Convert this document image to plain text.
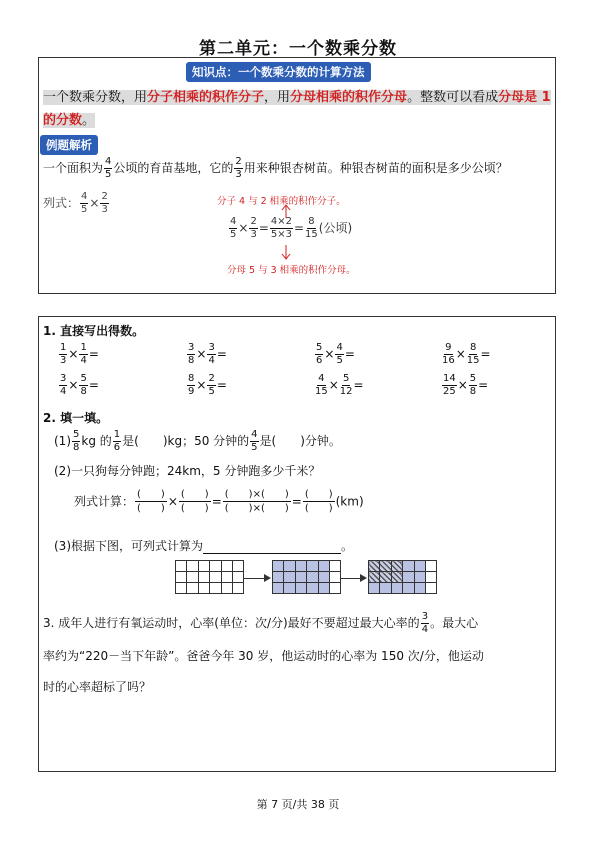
第二单元：一个数乘分数
知识点：一个数乘分数的计算方法
一个数乘分数，用分子相乘的积作分子，用分母相乘的积作分母。整数可以看成分母是 1 的分数。
例题解析
一个面积为 $\frac{4}{5}$ 公顷的育苗基地，它的 $\frac{2}{3}$ 用来种银杏树苗。种银杏树苗的面积是多少公顷？
列式： $\frac{4}{5} \times \frac{2}{3}$	分子 4 与 2 相乘的积作分子。
$\frac{4}{5} \times \frac{2}{3} = \frac{4\times 2}{5\times 3} = \frac{8}{15}$ (公顷)
分母 5 与 3 相乘的积作分母。
1. 直接写出得数。
$\frac{1}{3} \times \frac{1}{4}$ =	$\frac{3}{8} \times \frac{3}{4}$ =	$\frac{5}{6} \times \frac{4}{5}$ =	$\frac{9}{16} \times \frac{8}{15}$ =
$\frac{3}{4} \times \frac{5}{8}$ =	$\frac{8}{9} \times \frac{2}{5}$ =	$\frac{4}{15} \times \frac{5}{12}$ =	$\frac{14}{25} \times \frac{5}{8}$ =
2. 填一填。
$(1) \frac{5}{8}$ kg 的 $\frac{1}{6}$ 是(　　)kg；50 分钟的 $\frac{4}{5}$ 是(　　)分钟。
(2)一只狗每分钟跑；24km，5 分钟跑多少千米？
列式计算： (　　)
(　　) × (　　)
(　　) = (　　)×(　　)
(　　)×(　　) = (　　)
(　　) (km)
(3)根据下图，可列式计算为	。

3. 成年人进行有氧运动时，心率(单位：次/分)最好不要超过最大心率的 $\frac{3}{4}$ 。最大心
率约为“220－当下年龄”。爸爸今年 30 岁，他运动时的心率为 150 次/分，他运动
时的心率超标了吗？
第 7 页/共 38 页
